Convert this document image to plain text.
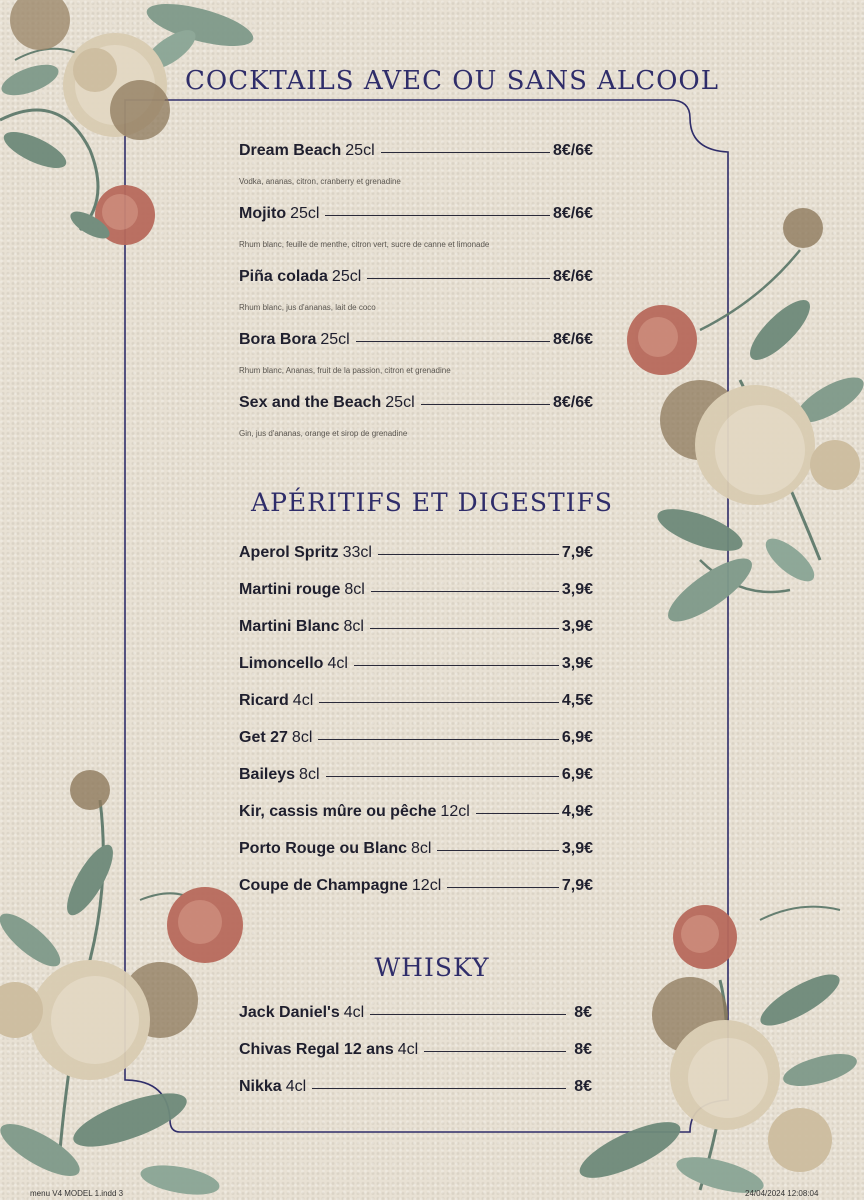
COCKTAILS AVEC OU SANS ALCOOL
Dream Beach 25cl	8€/6€
Vodka, ananas, citron, cranberry et grenadine
Mojito 25cl	8€/6€
Rhum blanc, feuille de menthe, citron vert, sucre de canne et limonade
Piña colada 25cl	8€/6€
Rhum blanc, jus d'ananas, lait de coco
Bora Bora 25cl	8€/6€
Rhum blanc, Ananas, fruit de la passion, citron et grenadine
Sex and the Beach 25cl	8€/6€
Gin, jus d'ananas, orange et sirop de grenadine
APÉRITIFS ET DIGESTIFS
Aperol Spritz 33cl	7,9€
Martini rouge 8cl	3,9€
Martini Blanc 8cl	3,9€
Limoncello 4cl	3,9€
Ricard 4cl	4,5€
Get 27 8cl	6,9€
Baileys 8cl	6,9€
Kir, cassis mûre ou pêche 12cl	4,9€
Porto Rouge ou Blanc 8cl	3,9€
Coupe de Champagne 12cl	7,9€
WHISKY
Jack Daniel's 4cl	8€
Chivas Regal 12 ans 4cl	8€
Nikka 4cl	8€
menu V4 MODEL 1.indd 3	24/04/2024 12:08:04
